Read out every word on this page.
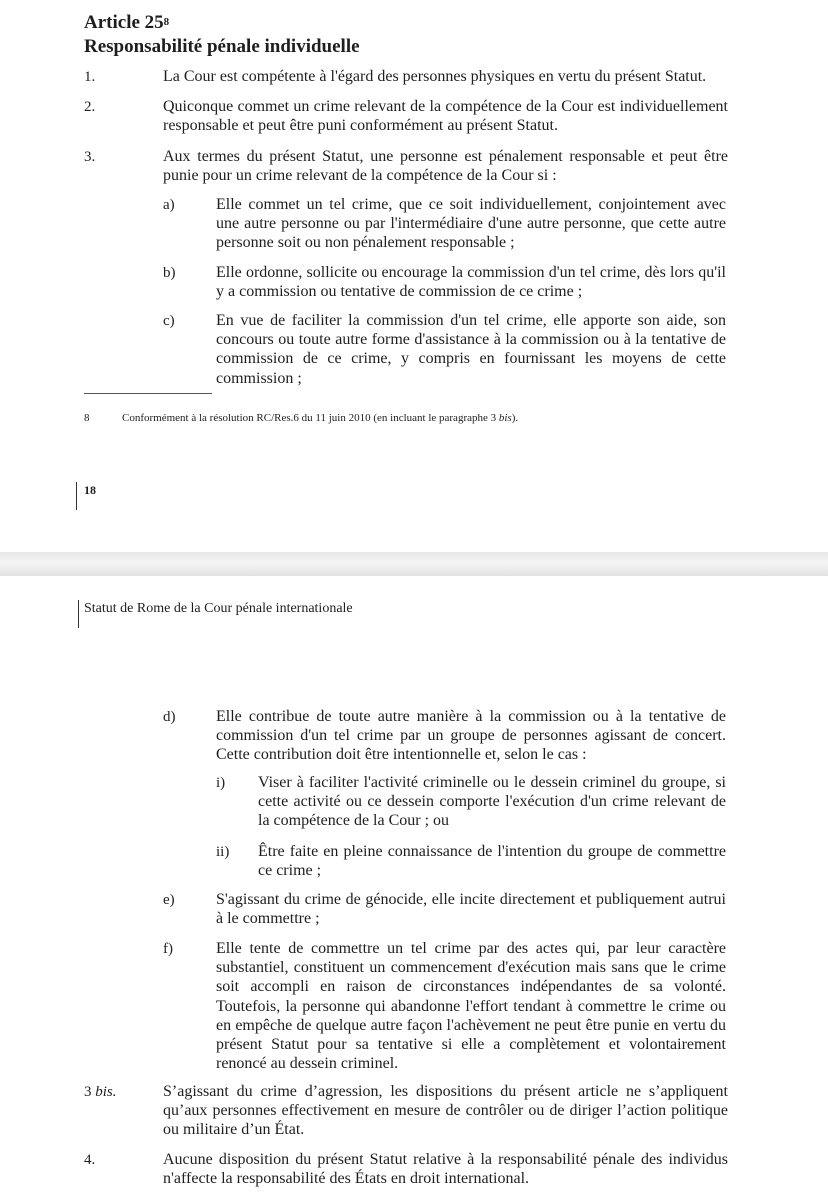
Article $25^8$
Responsabilité pénale individuelle
1.	La Cour est compétente à l'égard des personnes physiques en vertu du présent Statut.
2.	Quiconque commet un crime relevant de la compétence de la Cour est individuellement responsable et peut être puni conformément au présent Statut.
3.	Aux termes du présent Statut, une personne est pénalement responsable et peut être punie pour un crime relevant de la compétence de la Cour si :
a)	Elle commet un tel crime, que ce soit individuellement, conjointement avec une autre personne ou par l'intermédiaire d'une autre personne, que cette autre personne soit ou non pénalement responsable ;
b)	Elle ordonne, sollicite ou encourage la commission d'un tel crime, dès lors qu'il y a commission ou tentative de commission de ce crime ;
c)	En vue de faciliter la commission d'un tel crime, elle apporte son aide, son concours ou toute autre forme d'assistance à la commission ou à la tentative de commission de ce crime, y compris en fournissant les moyens de cette commission ;
8	Conformément à la résolution RC/Res.6 du 11 juin 2010 (en incluant le paragraphe 3 bis).
18
Statut de Rome de la Cour pénale internationale
d)	Elle contribue de toute autre manière à la commission ou à la tentative de commission d'un tel crime par un groupe de personnes agissant de concert. Cette contribution doit être intentionnelle et, selon le cas :
i) Viser à faciliter l'activité criminelle ou le dessein criminel du groupe, si cette activité ou ce dessein comporte l'exécution d'un crime relevant de la compétence de la Cour ; ou
ii) Être faite en pleine connaissance de l'intention du groupe de commettre ce crime ;
e)	S'agissant du crime de génocide, elle incite directement et publiquement autrui à le commettre ;
f)	Elle tente de commettre un tel crime par des actes qui, par leur caractère substantiel, constituent un commencement d'exécution mais sans que le crime soit accompli en raison de circonstances indépendantes de sa volonté. Toutefois, la personne qui abandonne l'effort tendant à commettre le crime ou en empêche de quelque autre façon l'achèvement ne peut être punie en vertu du présent Statut pour sa tentative si elle a complètement et volontairement renoncé au dessein criminel.
3 bis.	S’agissant du crime d’agression, les dispositions du présent article ne s’appliquent qu’aux personnes effectivement en mesure de contrôler ou de diriger l’action politique ou militaire d’un État.
4.	Aucune disposition du présent Statut relative à la responsabilité pénale des individus n'affecte la responsabilité des États en droit international.
